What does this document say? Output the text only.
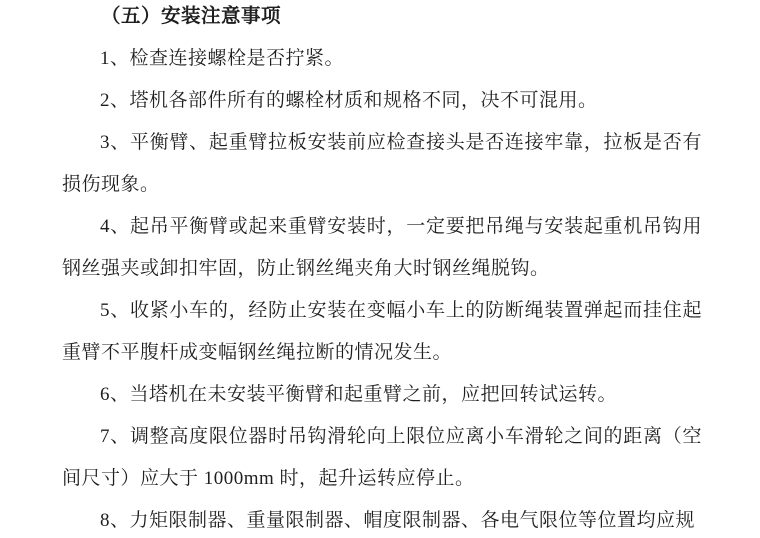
（五）安装注意事项

1、检查连接螺栓是否拧紧。

2、塔机各部件所有的螺栓材质和规格不同，决不可混用。

3、平衡臂、起重臂拉板安装前应检查接头是否连接牢靠，拉板是否有损伤现象。

4、起吊平衡臂或起来重臂安装时，一定要把吊绳与安装起重机吊钩用钢丝强夹或卸扣牢固，防止钢丝绳夹角大时钢丝绳脱钩。

5、收紧小车的，经防止安装在变幅小车上的防断绳装置弹起而挂住起重臂不平腹杆成变幅钢丝绳拉断的情况发生。

6、当塔机在未安装平衡臂和起重臂之前，应把回转试运转。

7、调整高度限位器时吊钩滑轮向上限位应离小车滑轮之间的距离（空间尺寸）应大于 1000mm 时，起升运转应停止。

8、力矩限制器、重量限制器、帽度限制器、各电气限位等位置均应规
